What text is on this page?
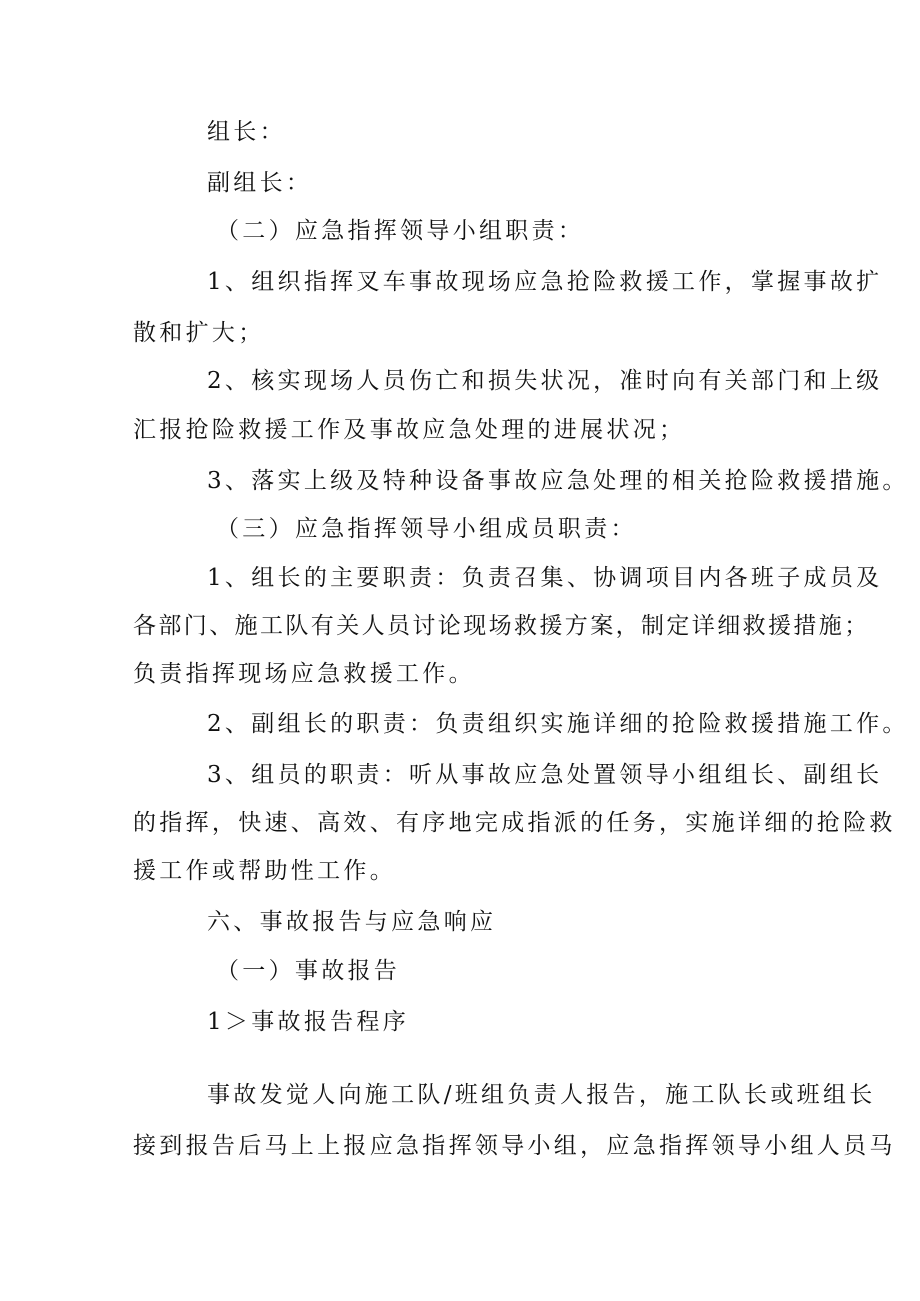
组长：
副组长：
（二）应急指挥领导小组职责：
1、组织指挥叉车事故现场应急抢险救援工作，掌握事故扩
散和扩大；
2、核实现场人员伤亡和损失状况，准时向有关部门和上级
汇报抢险救援工作及事故应急处理的进展状况；
3、落实上级及特种设备事故应急处理的相关抢险救援措施。
（三）应急指挥领导小组成员职责：
1、组长的主要职责：负责召集、协调项目内各班子成员及
各部门、施工队有关人员讨论现场救援方案，制定详细救援措施；
负责指挥现场应急救援工作。
2、副组长的职责：负责组织实施详细的抢险救援措施工作。
3、组员的职责：听从事故应急处置领导小组组长、副组长
的指挥，快速、高效、有序地完成指派的任务，实施详细的抢险救
援工作或帮助性工作。
六、事故报告与应急响应
（一）事故报告
1＞事故报告程序
事故发觉人向施工队/班组负责人报告，施工队长或班组长
接到报告后马上上报应急指挥领导小组，应急指挥领导小组人员马
